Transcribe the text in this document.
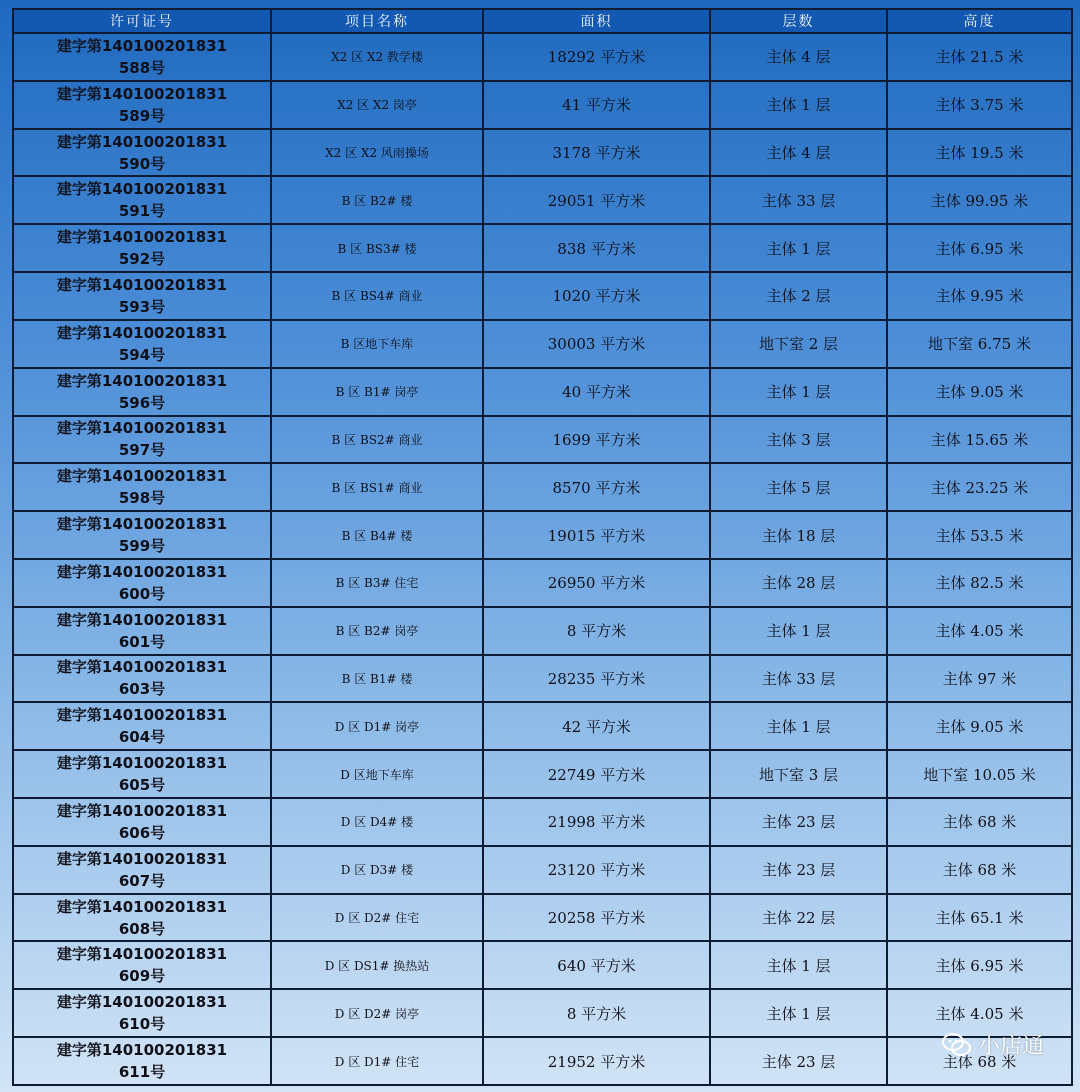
许可证号	项目名称	面积	层数	高度

建字第140100201831
588号	X2 区 X2 教学楼	18292 平方米	主体 4 层	主体 21.5 米

建字第140100201831
589号	X2 区 X2 岗亭	41 平方米	主体 1 层	主体 3.75 米

建字第140100201831
590号	X2 区 X2 风雨操场	3178 平方米	主体 4 层	主体 19.5 米

建字第140100201831
591号	B 区 B2# 楼	29051 平方米	主体 33 层	主体 99.95 米

建字第140100201831
592号	B 区 BS3# 楼	838 平方米	主体 1 层	主体 6.95 米

建字第140100201831
593号	B 区 BS4# 商业	1020 平方米	主体 2 层	主体 9.95 米

建字第140100201831
594号	B 区地下车库	30003 平方米	地下室 2 层	地下室 6.75 米

建字第140100201831
596号	B 区 B1# 岗亭	40 平方米	主体 1 层	主体 9.05 米

建字第140100201831
597号	B 区 BS2# 商业	1699 平方米	主体 3 层	主体 15.65 米

建字第140100201831
598号	B 区 BS1# 商业	8570 平方米	主体 5 层	主体 23.25 米

建字第140100201831
599号	B 区 B4# 楼	19015 平方米	主体 18 层	主体 53.5 米

建字第140100201831
600号	B 区 B3# 住宅	26950 平方米	主体 28 层	主体 82.5 米

建字第140100201831
601号	B 区 B2# 岗亭	8 平方米	主体 1 层	主体 4.05 米

建字第140100201831
603号	B 区 B1# 楼	28235 平方米	主体 33 层	主体 97 米

建字第140100201831
604号	D 区 D1# 岗亭	42 平方米	主体 1 层	主体 9.05 米

建字第140100201831
605号	D 区地下车库	22749 平方米	地下室 3 层	地下室 10.05 米

建字第140100201831
606号	D 区 D4# 楼	21998 平方米	主体 23 层	主体 68 米

建字第140100201831
607号	D 区 D3# 楼	23120 平方米	主体 23 层	主体 68 米

建字第140100201831
608号	D 区 D2# 住宅	20258 平方米	主体 22 层	主体 65.1 米

建字第140100201831
609号	D 区 DS1# 换热站	640 平方米	主体 1 层	主体 6.95 米

建字第140100201831
610号	D 区 D2# 岗亭	8 平方米	主体 1 层	主体 4.05 米

建字第140100201831
611号	D 区 D1# 住宅	21952 平方米	主体 23 层	主体 68 米
小店通
